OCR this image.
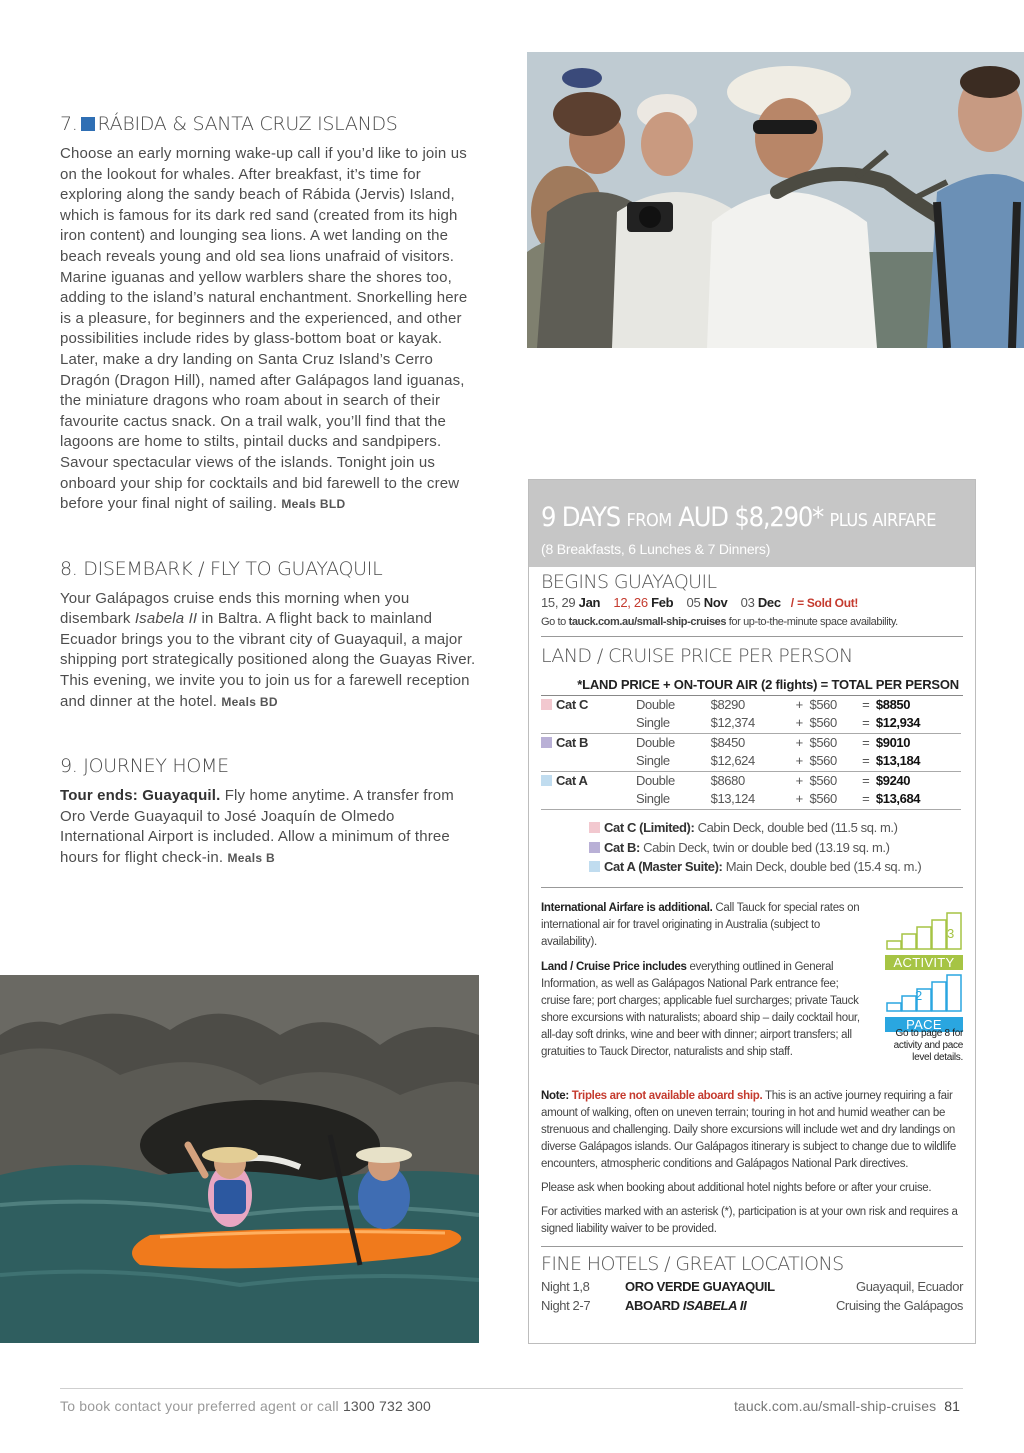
7. RÁBIDA & SANTA CRUZ ISLANDS

Choose an early morning wake-up call if you’d like to join us on the lookout for whales. After breakfast, it’s time for exploring along the sandy beach of Rábida (Jervis) Island, which is famous for its dark red sand (created from its high iron content) and lounging sea lions. A wet landing on the beach reveals young and old sea lions unafraid of visitors. Marine iguanas and yellow warblers share the shores too, adding to the island’s natural enchantment. Snorkelling here is a pleasure, for beginners and the experienced, and other possibilities include rides by glass-bottom boat or kayak. Later, make a dry landing on Santa Cruz Island’s Cerro Dragón (Dragon Hill), named after Galápagos land iguanas, the miniature dragons who roam about in search of their favourite cactus snack. On a trail walk, you’ll find that the lagoons are home to stilts, pintail ducks and sandpipers. Savour spectacular views of the islands. Tonight join us onboard your ship for cocktails and bid farewell to the crew before your final night of sailing. Meals BLD

8. DISEMBARK / FLY TO GUAYAQUIL

Your Galápagos cruise ends this morning when you disembark Isabela II in Baltra. A flight back to mainland Ecuador brings you to the vibrant city of Guayaquil, a major shipping port strategically positioned along the Guayas River. This evening, we invite you to join us for a farewell reception and dinner at the hotel. Meals BD

9. JOURNEY HOME

Tour ends: Guayaquil. Fly home anytime. A transfer from Oro Verde Guayaquil to José Joaquín de Olmedo International Airport is included. Allow a minimum of three hours for flight check-in. Meals B

9 DAYS FROM AUD $8,290* PLUS AIRFARE
(8 Breakfasts, 6 Lunches & 7 Dinners)
BEGINS GUAYAQUIL
15, 29 Jan 12, 26 Feb 05 Nov 03 Dec / = Sold Out!
Go to tauck.com.au/small-ship-cruises for up-to-the-minute space availability.
LAND / CRUISE PRICE PER PERSON
*LAND PRICE + ON-TOUR AIR (2 flights) = TOTAL PER PERSON
Cat C	Double	$8290	+	$560	=	$8850
	Single	$12,374	+	$560	=	$12,934
Cat B	Double	$8450	+	$560	=	$9010
	Single	$12,624	+	$560	=	$13,184
Cat A	Double	$8680	+	$560	=	$9240
	Single	$13,124	+	$560	=	$13,684
Cat C (Limited): Cabin Deck, double bed (11.5 sq. m.)
Cat B: Cabin Deck, twin or double bed (13.19 sq. m.)
Cat A (Master Suite): Main Deck, double bed (15.4 sq. m.)

International Airfare is additional. Call Tauck for special rates on international air for travel originating in Australia (subject to availability).

Land / Cruise Price includes everything outlined in General Information, as well as Galápagos National Park entrance fee; cruise fare; port charges; applicable fuel surcharges; private Tauck shore excursions with naturalists; aboard ship – daily cocktail hour, all-day soft drinks, wine and beer with dinner; airport transfers; all gratuities to Tauck Director, naturalists and ship staff.

3
ACTIVITY
2
PACE
Go to page 8 for activity and pace level details.

Note: Triples are not available aboard ship. This is an active journey requiring a fair amount of walking, often on uneven terrain; touring in hot and humid weather can be strenuous and challenging. Daily shore excursions will include wet and dry landings on diverse Galápagos islands. Our Galápagos itinerary is subject to change due to wildlife encounters, atmospheric conditions and Galápagos National Park directives.

Please ask when booking about additional hotel nights before or after your cruise.

For activities marked with an asterisk (*), participation is at your own risk and requires a signed liability waiver to be provided.

FINE HOTELS / GREAT LOCATIONS
Night 1,8	ORO VERDE GUAYAQUIL	Guayaquil, Ecuador
Night 2-7	ABOARD ISABELA II	Cruising the Galápagos
To book contact your preferred agent or call 1300 732 300	tauck.com.au/small-ship-cruises 81
